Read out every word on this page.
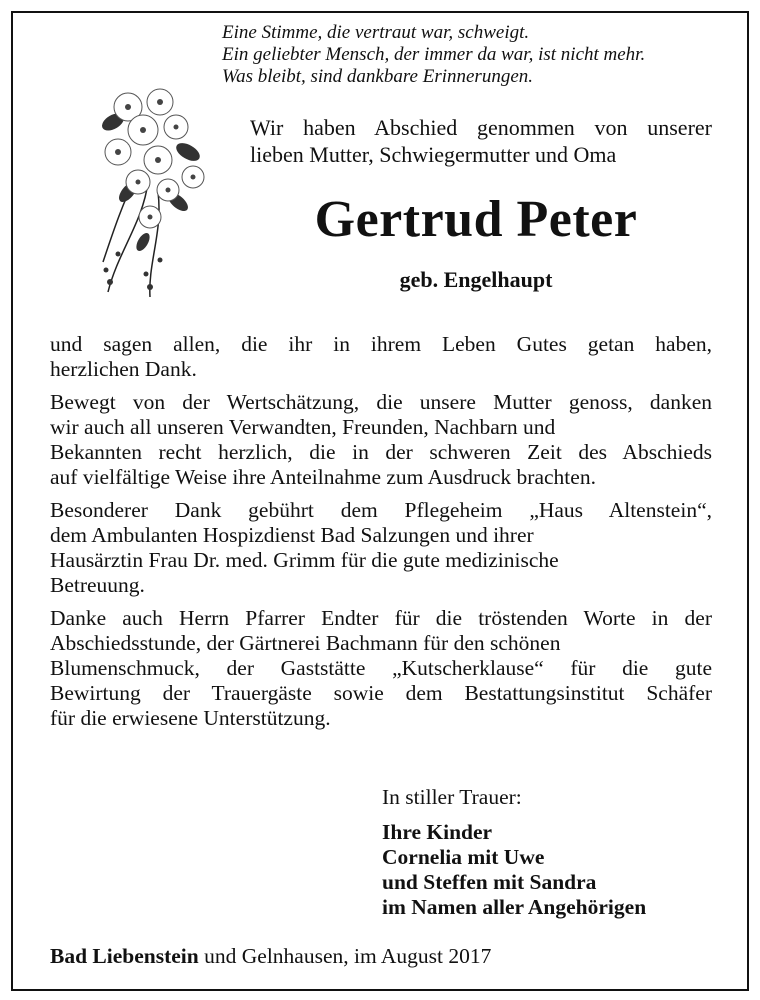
Eine Stimme, die vertraut war, schweigt.
Ein geliebter Mensch, der immer da war, ist nicht mehr.
Was bleibt, sind dankbare Erinnerungen.
Wir haben Abschied genommen von unserer
lieben Mutter, Schwiegermutter und Oma
Gertrud Peter
geb. Engelhaupt
und sagen allen, die ihr in ihrem Leben Gutes getan haben,
herzlichen Dank.
Bewegt von der Wertschätzung, die unsere Mutter genoss, danken
wir auch all unseren Verwandten, Freunden, Nachbarn und
Bekannten recht herzlich, die in der schweren Zeit des Abschieds
auf vielfältige Weise ihre Anteilnahme zum Ausdruck brachten.
Besonderer Dank gebührt dem Pflegeheim „Haus Altenstein“,
dem Ambulanten Hospizdienst Bad Salzungen und ihrer
Hausärztin Frau Dr. med. Grimm für die gute medizinische
Betreuung.
Danke auch Herrn Pfarrer Endter für die tröstenden Worte in der
Abschiedsstunde, der Gärtnerei Bachmann für den schönen
Blumenschmuck, der Gaststätte „Kutscherklause“ für die gute
Bewirtung der Trauergäste sowie dem Bestattungsinstitut Schäfer
für die erwiesene Unterstützung.
In stiller Trauer:
Ihre Kinder
Cornelia mit Uwe
und Steffen mit Sandra
im Namen aller Angehörigen
Bad Liebenstein und Gelnhausen, im August 2017
